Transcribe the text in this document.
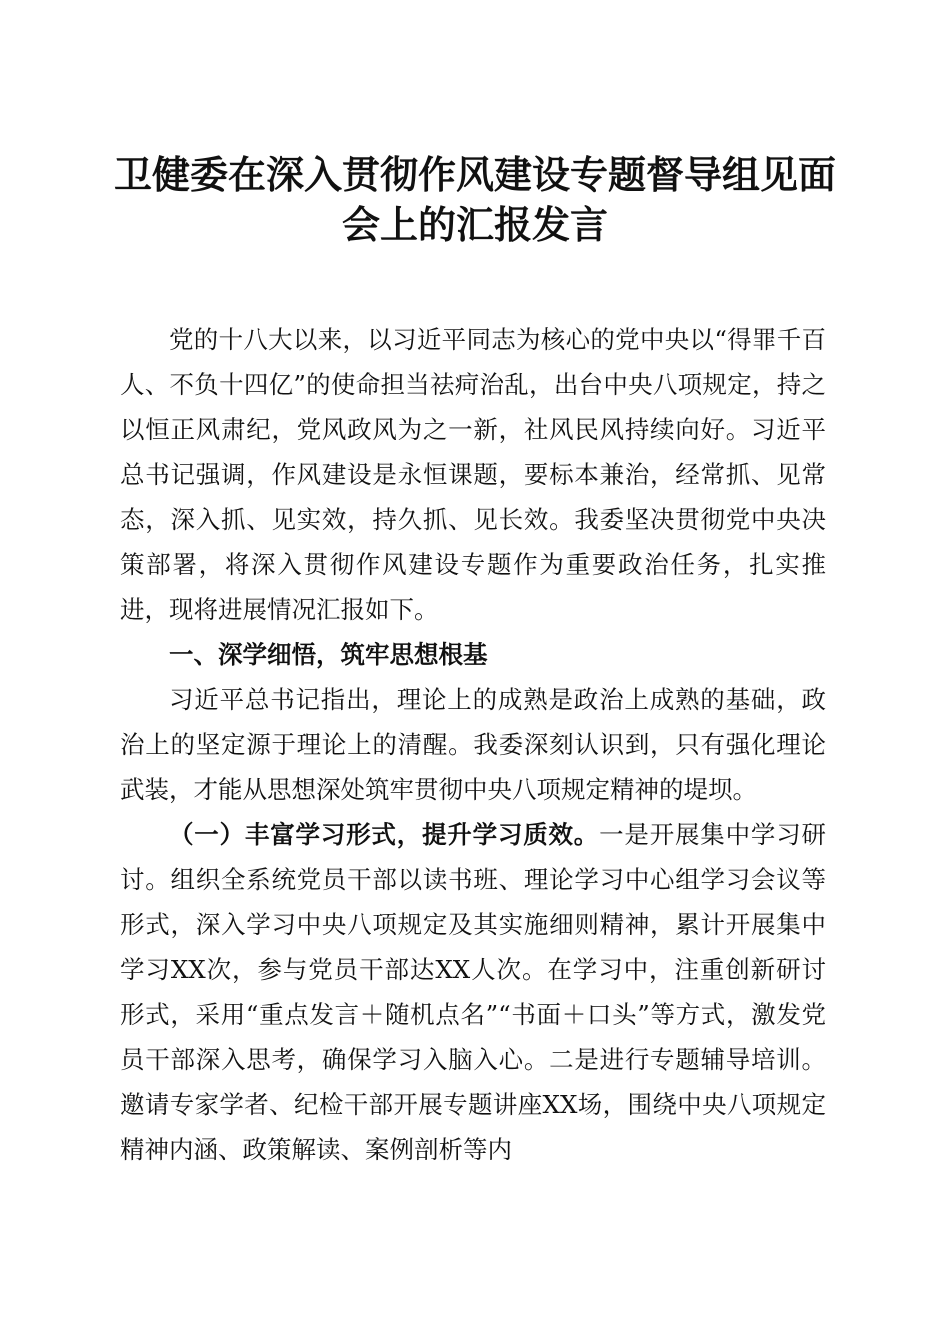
卫健委在深入贯彻作风建设专题督导组见面会上的汇报发言

党的十八大以来，以习近平同志为核心的党中央以“得罪千百人、不负十四亿”的使命担当祛疴治乱，出台中央八项规定，持之以恒正风肃纪，党风政风为之一新，社风民风持续向好。习近平总书记强调，作风建设是永恒课题，要标本兼治，经常抓、见常态，深入抓、见实效，持久抓、见长效。我委坚决贯彻党中央决策部署，将深入贯彻作风建设专题作为重要政治任务，扎实推进，现将进展情况汇报如下。

一、深学细悟，筑牢思想根基

习近平总书记指出，理论上的成熟是政治上成熟的基础，政治上的坚定源于理论上的清醒。我委深刻认识到，只有强化理论武装，才能从思想深处筑牢贯彻中央八项规定精神的堤坝。

（一）丰富学习形式，提升学习质效。一是开展集中学习研讨。组织全系统党员干部以读书班、理论学习中心组学习会议等形式，深入学习中央八项规定及其实施细则精神，累计开展集中学习XX次，参与党员干部达XX人次。在学习中，注重创新研讨形式，采用“重点发言＋随机点名”“书面＋口头”等方式，激发党员干部深入思考，确保学习入脑入心。二是进行专题辅导培训。邀请专家学者、纪检干部开展专题讲座XX场，围绕中央八项规定精神内涵、政策解读、案例剖析等内
